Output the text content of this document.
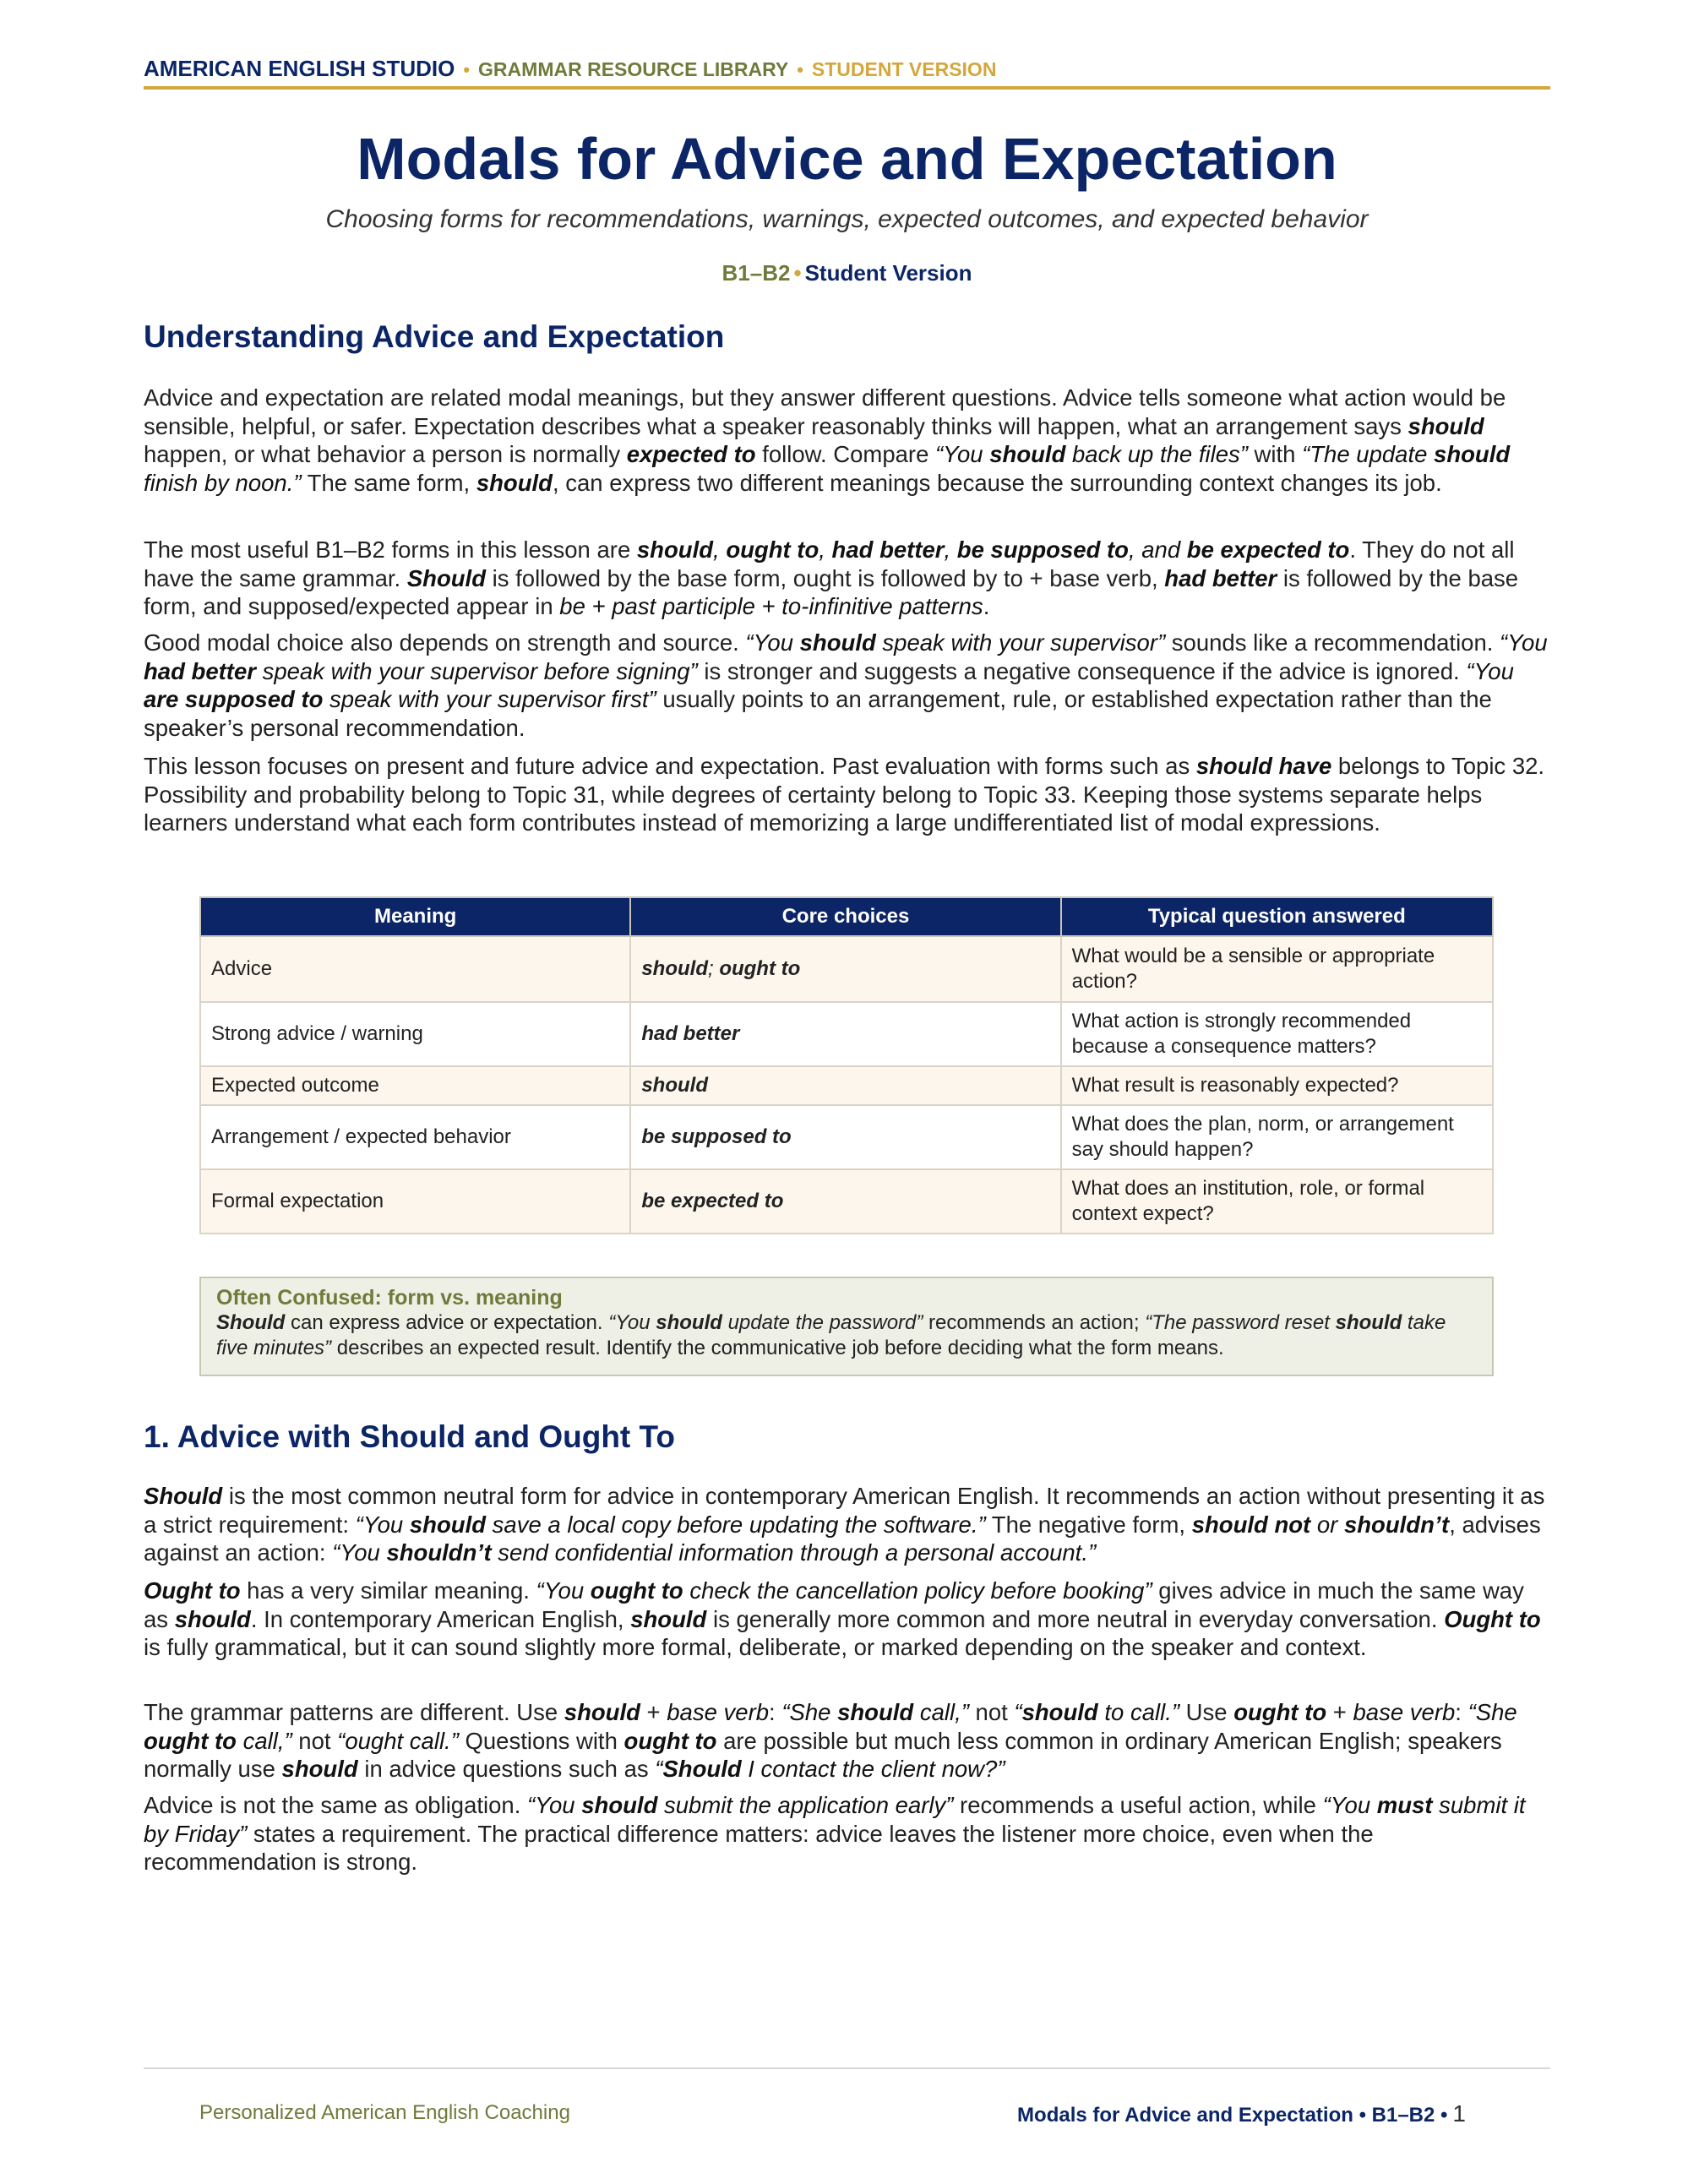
AMERICAN ENGLISH STUDIO • GRAMMAR RESOURCE LIBRARY • STUDENT VERSION
Modals for Advice and Expectation
Choosing forms for recommendations, warnings, expected outcomes, and expected behavior
B1–B2 • Student Version
Understanding Advice and Expectation

Advice and expectation are related modal meanings, but they answer different questions. Advice tells someone what action would be sensible, helpful, or safer. Expectation describes what a speaker reasonably thinks will happen, what an arrangement says should happen, or what behavior a person is normally expected to follow. Compare “You should back up the files” with “The update should finish by noon.” The same form, should, can express two different meanings because the surrounding context changes its job.

The most useful B1–B2 forms in this lesson are should, ought to, had better, be supposed to, and be expected to. They do not all have the same grammar. Should is followed by the base form, ought is followed by to + base verb, had better is followed by the base form, and supposed/expected appear in be + past participle + to-infinitive patterns.

Good modal choice also depends on strength and source. “You should speak with your supervisor” sounds like a recommendation. “You had better speak with your supervisor before signing” is stronger and suggests a negative consequence if the advice is ignored. “You are supposed to speak with your supervisor first” usually points to an arrangement, rule, or established expectation rather than the speaker’s personal recommendation.

This lesson focuses on present and future advice and expectation. Past evaluation with forms such as should have belongs to Topic 32. Possibility and probability belong to Topic 31, while degrees of certainty belong to Topic 33. Keeping those systems separate helps learners understand what each form contributes instead of memorizing a large undifferentiated list of modal expressions.

Meaning	Core choices	Typical question answered
Advice	should; ought to	What would be a sensible or appropriate action?
Strong advice / warning	had better	What action is strongly recommended because a consequence matters?
Expected outcome	should	What result is reasonably expected?
Arrangement / expected behavior	be supposed to	What does the plan, norm, or arrangement say should happen?
Formal expectation	be expected to	What does an institution, role, or formal context expect?
Often Confused: form vs. meaning
Should can express advice or expectation. “You should update the password” recommends an action; “The password reset should take five minutes” describes an expected result. Identify the communicative job before deciding what the form means.
1. Advice with Should and Ought To

Should is the most common neutral form for advice in contemporary American English. It recommends an action without presenting it as a strict requirement: “You should save a local copy before updating the software.” The negative form, should not or shouldn’t, advises against an action: “You shouldn’t send confidential information through a personal account.”

Ought to has a very similar meaning. “You ought to check the cancellation policy before booking” gives advice in much the same way as should. In contemporary American English, should is generally more common and more neutral in everyday conversation. Ought to is fully grammatical, but it can sound slightly more formal, deliberate, or marked depending on the speaker and context.

The grammar patterns are different. Use should + base verb: “She should call,” not “should to call.” Use ought to + base verb: “She ought to call,” not “ought call.” Questions with ought to are possible but much less common in ordinary American English; speakers normally use should in advice questions such as “Should I contact the client now?”

Advice is not the same as obligation. “You should submit the application early” recommends a useful action, while “You must submit it by Friday” states a requirement. The practical difference matters: advice leaves the listener more choice, even when the recommendation is strong.

Personalized American English Coaching	Modals for Advice and Expectation • B1–B2 • 1
